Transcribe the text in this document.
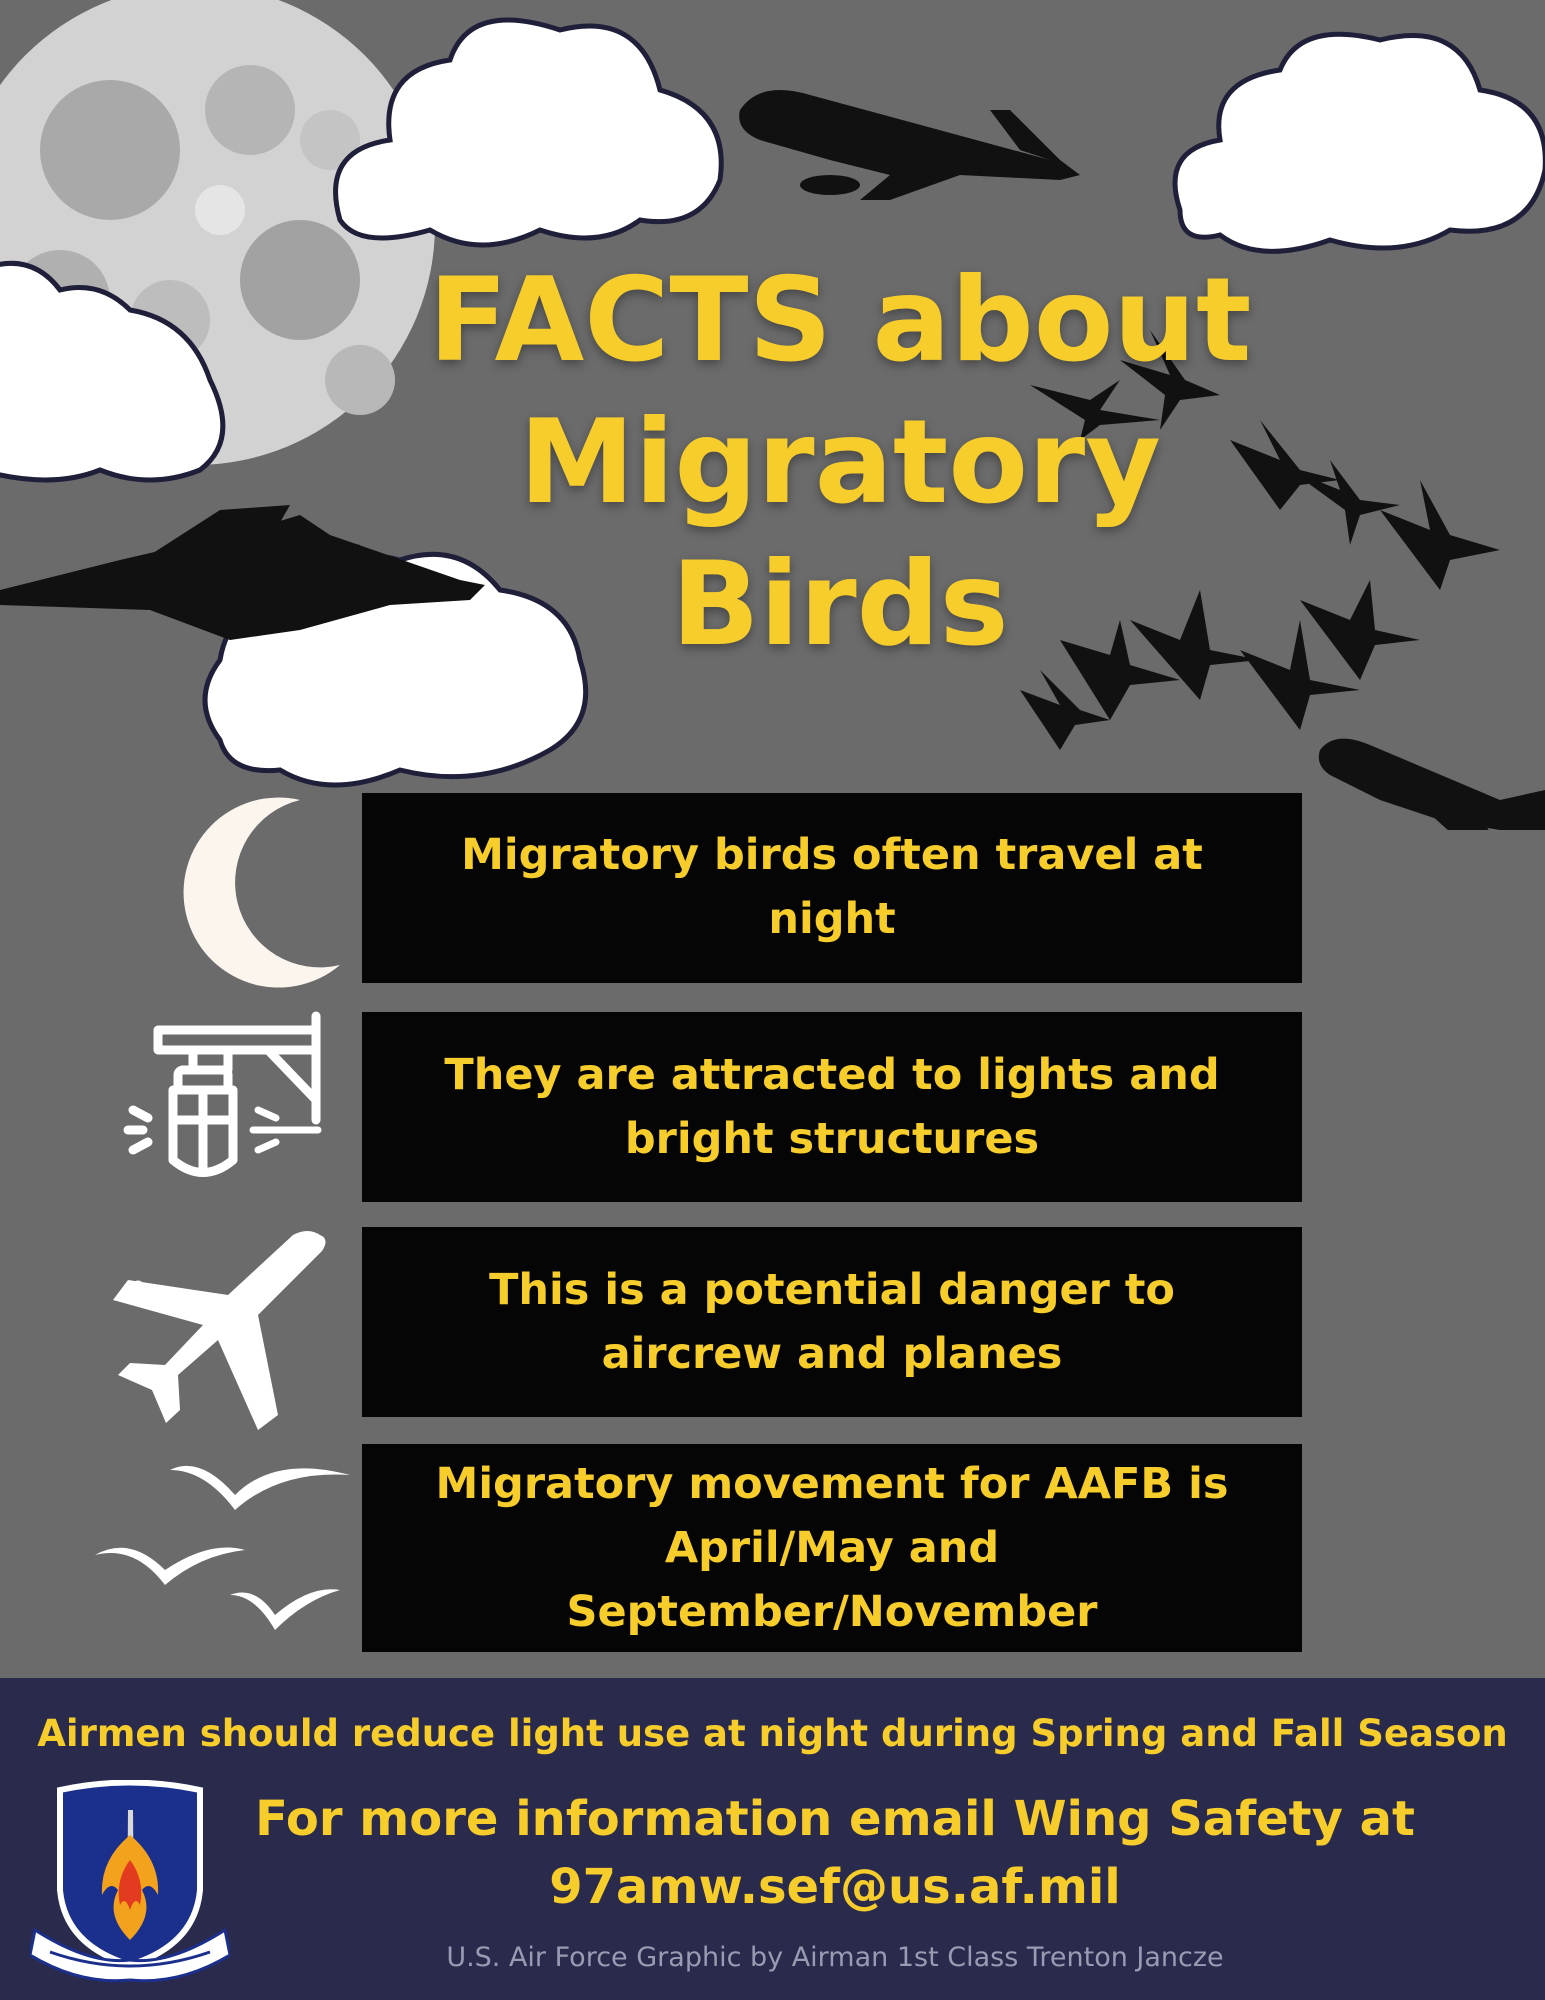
FACTS about
Migratory
Birds
Migratory birds often travel at night
They are attracted to lights and bright structures
This is a potential danger to aircrew and planes
Migratory movement for AAFB is April/May and September/November
Airmen should reduce light use at night during Spring and Fall Season
For more information email Wing Safety at
97amw.sef@us.af.mil
U.S. Air Force Graphic by Airman 1st Class Trenton Jancze
